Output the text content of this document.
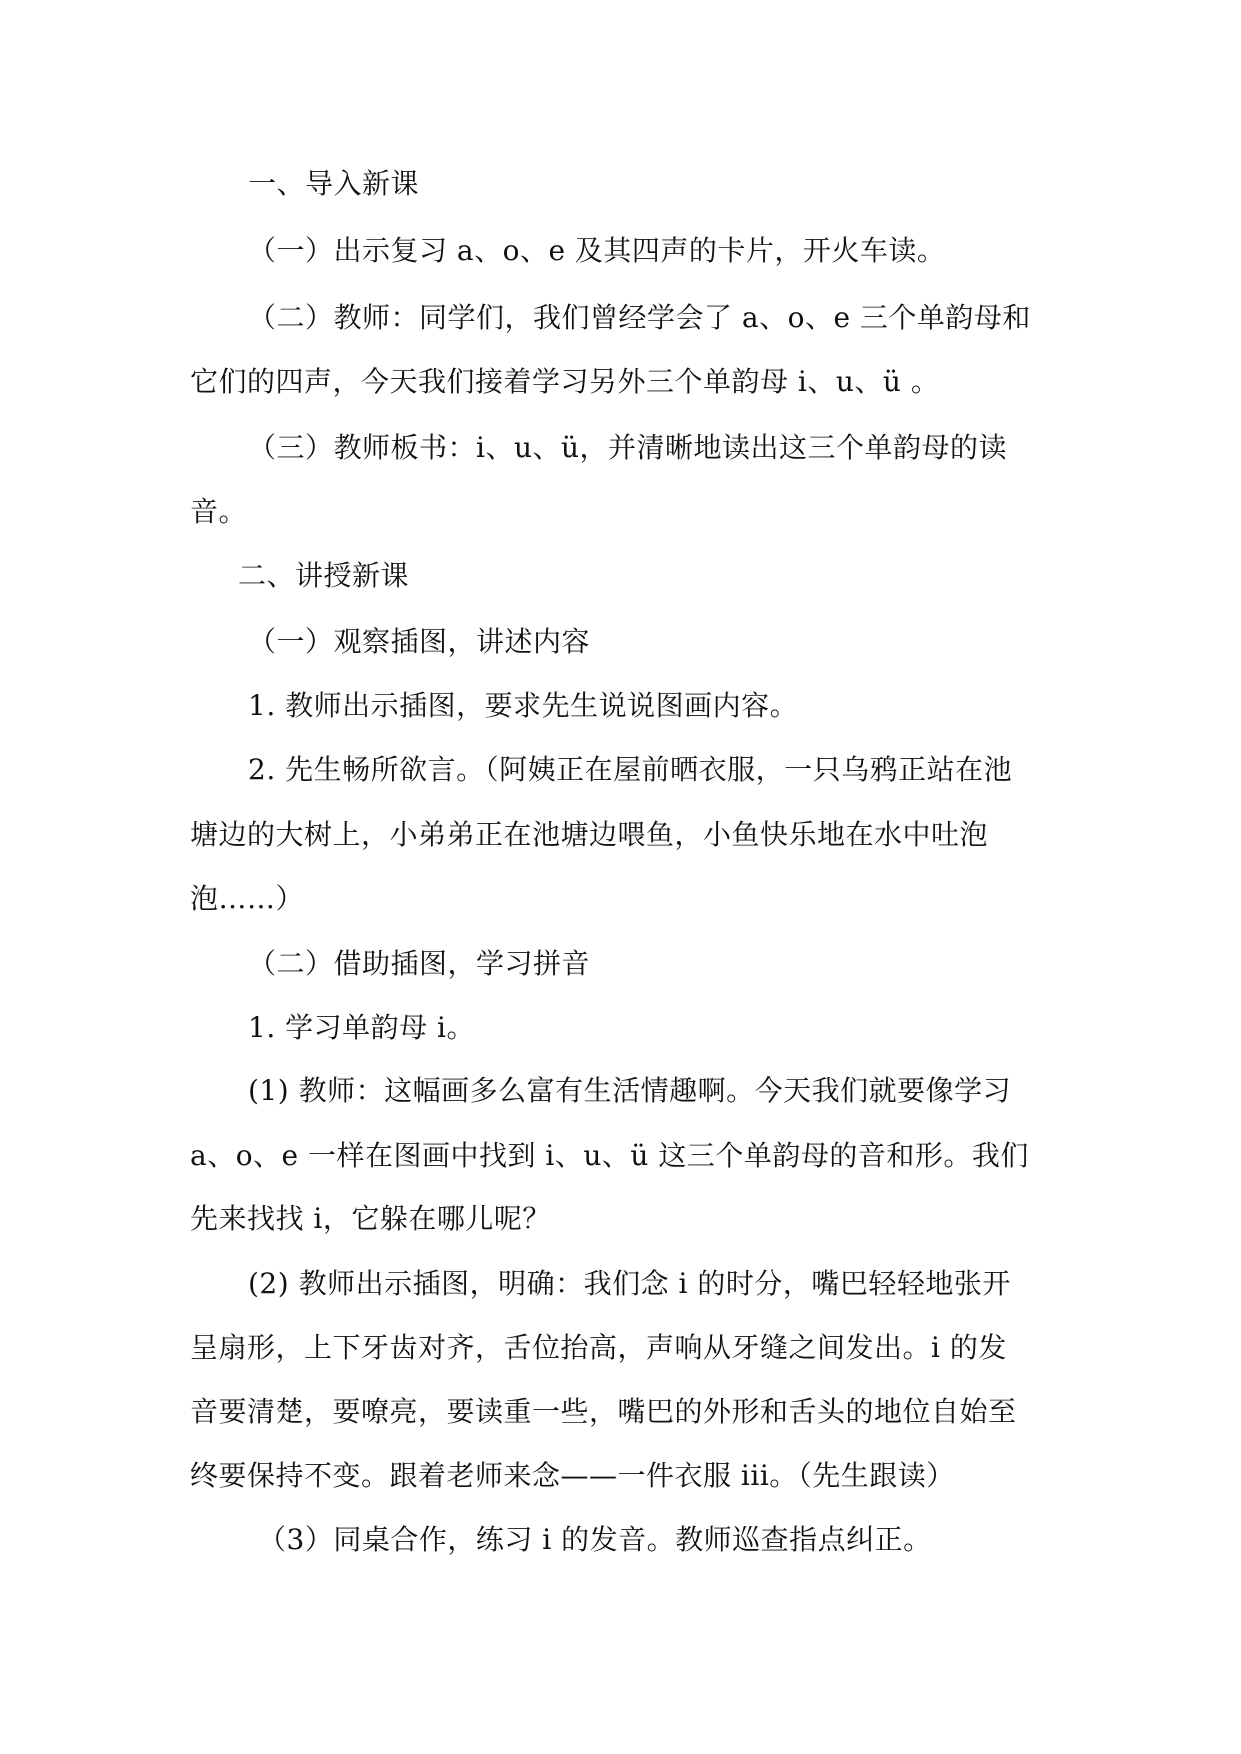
一、导入新课
（一）出示复习 a、o、e 及其四声的卡片，开火车读。
（二）教师：同学们，我们曾经学会了 a、o、e 三个单韵母和
它们的四声，今天我们接着学习另外三个单韵母 i、u、ü 。
（三）教师板书：i、u、ü，并清晰地读出这三个单韵母的读
音。
二、讲授新课
（一）观察插图，讲述内容
1. 教师出示插图，要求先生说说图画内容。
2. 先生畅所欲言。（阿姨正在屋前晒衣服，一只乌鸦正站在池
塘边的大树上，小弟弟正在池塘边喂鱼，小鱼快乐地在水中吐泡
泡……）
（二）借助插图，学习拼音
1. 学习单韵母 i。
(1) 教师：这幅画多么富有生活情趣啊。今天我们就要像学习
a、o、e 一样在图画中找到 i、u、ü 这三个单韵母的音和形。我们
先来找找 i，它躲在哪儿呢？
(2) 教师出示插图，明确：我们念 i 的时分，嘴巴轻轻地张开
呈扇形，上下牙齿对齐，舌位抬高，声响从牙缝之间发出。i 的发
音要清楚，要嘹亮，要读重一些，嘴巴的外形和舌头的地位自始至
终要保持不变。跟着老师来念——一件衣服 iii。（先生跟读）
（3）同桌合作，练习 i 的发音。教师巡查指点纠正。
